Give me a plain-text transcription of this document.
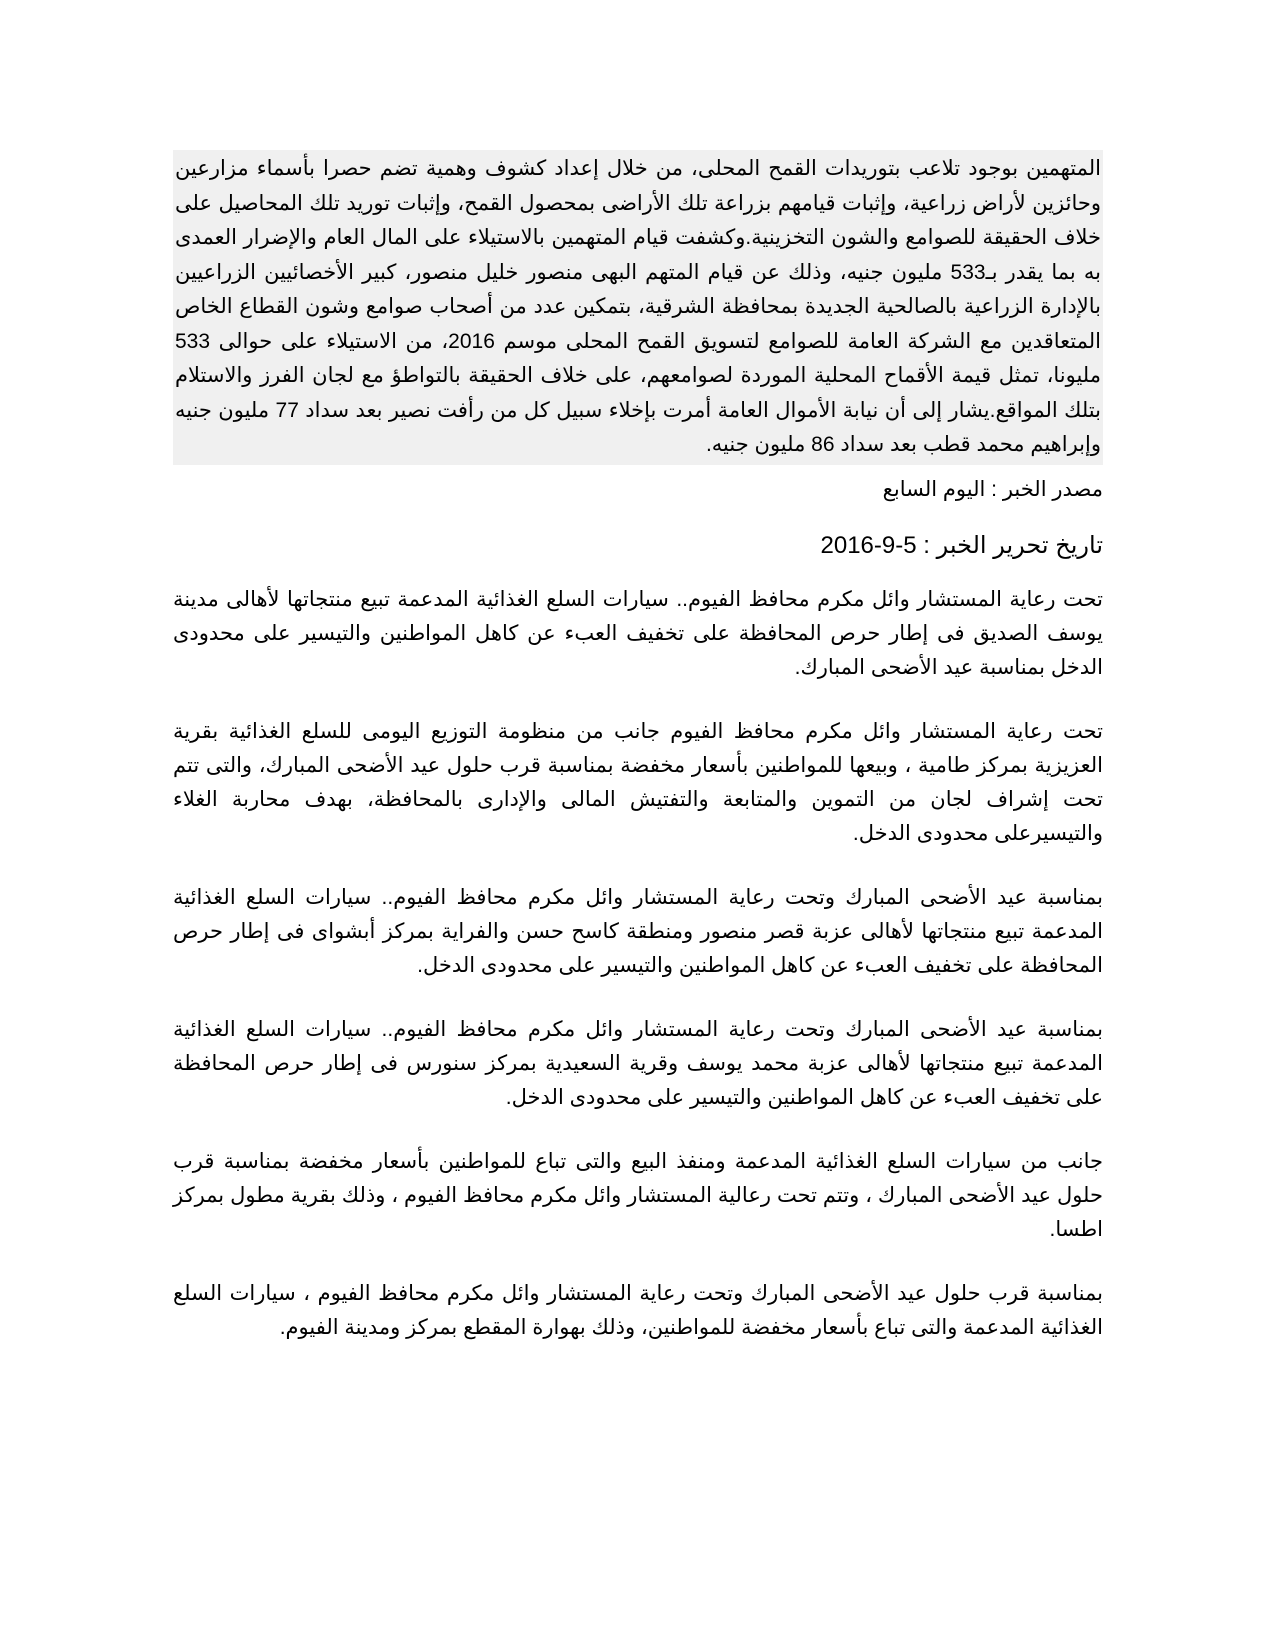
المتهمين بوجود تلاعب بتوريدات القمح المحلى، من خلال إعداد كشوف وهمية تضم حصرا بأسماء مزارعين وحائزين لأراض زراعية، وإثبات قيامهم بزراعة تلك الأراضى بمحصول القمح، وإثبات توريد تلك المحاصيل على خلاف الحقيقة للصوامع والشون التخزينية.وكشفت قيام المتهمين بالاستيلاء على المال العام والإضرار العمدى به بما يقدر بـ533 مليون جنيه، وذلك عن قيام المتهم البهى منصور خليل منصور، كبير الأخصائيين الزراعيين بالإدارة الزراعية بالصالحية الجديدة بمحافظة الشرقية، بتمكين عدد من أصحاب صوامع وشون القطاع الخاص المتعاقدين مع الشركة العامة للصوامع لتسويق القمح المحلى موسم 2016، من الاستيلاء على حوالى 533 مليونا، تمثل قيمة الأقماح المحلية الموردة لصوامعهم، على خلاف الحقيقة بالتواطؤ مع لجان الفرز والاستلام بتلك المواقع.يشار إلى أن نيابة الأموال العامة أمرت بإخلاء سبيل كل من رأفت نصير بعد سداد 77 مليون جنيه وإبراهيم محمد قطب بعد سداد 86 مليون جنيه.

مصدر الخبر : اليوم السابع
تاريخ تحرير الخبر : 5-9-2016

تحت رعاية المستشار وائل مكرم محافظ الفيوم.. سيارات السلع الغذائية المدعمة تبيع منتجاتها لأهالى مدينة يوسف الصديق فى إطار حرص المحافظة على تخفيف العبء عن كاهل المواطنين والتيسير على محدودى الدخل بمناسبة عيد الأضحى المبارك.

تحت رعاية المستشار وائل مكرم محافظ الفيوم جانب من منظومة التوزيع اليومى للسلع الغذائية بقرية العزيزية بمركز طامية ، وبيعها للمواطنين بأسعار مخفضة بمناسبة قرب حلول عيد الأضحى المبارك، والتى تتم تحت إشراف لجان من التموين والمتابعة والتفتيش المالى والإدارى بالمحافظة، بهدف محاربة الغلاء والتيسيرعلى محدودى الدخل.

بمناسبة عيد الأضحى المبارك وتحت رعاية المستشار وائل مكرم محافظ الفيوم.. سيارات السلع الغذائية المدعمة تبيع منتجاتها لأهالى عزبة قصر منصور ومنطقة كاسح حسن والفراية بمركز أبشواى فى إطار حرص المحافظة على تخفيف العبء عن كاهل المواطنين والتيسير على محدودى الدخل.

بمناسبة عيد الأضحى المبارك وتحت رعاية المستشار وائل مكرم محافظ الفيوم.. سيارات السلع الغذائية المدعمة تبيع منتجاتها لأهالى عزبة محمد يوسف وقرية السعيدية بمركز سنورس فى إطار حرص المحافظة على تخفيف العبء عن كاهل المواطنين والتيسير على محدودى الدخل.

جانب من سيارات السلع الغذائية المدعمة ومنفذ البيع والتى تباع للمواطنين بأسعار مخفضة بمناسبة قرب حلول عيد الأضحى المبارك ، وتتم تحت رعالية المستشار وائل مكرم محافظ الفيوم ، وذلك بقرية مطول بمركز اطسا.

بمناسبة قرب حلول عيد الأضحى المبارك وتحت رعاية المستشار وائل مكرم محافظ الفيوم ، سيارات السلع الغذائية المدعمة والتى تباع بأسعار مخفضة للمواطنين، وذلك بهوارة المقطع بمركز ومدينة الفيوم.
